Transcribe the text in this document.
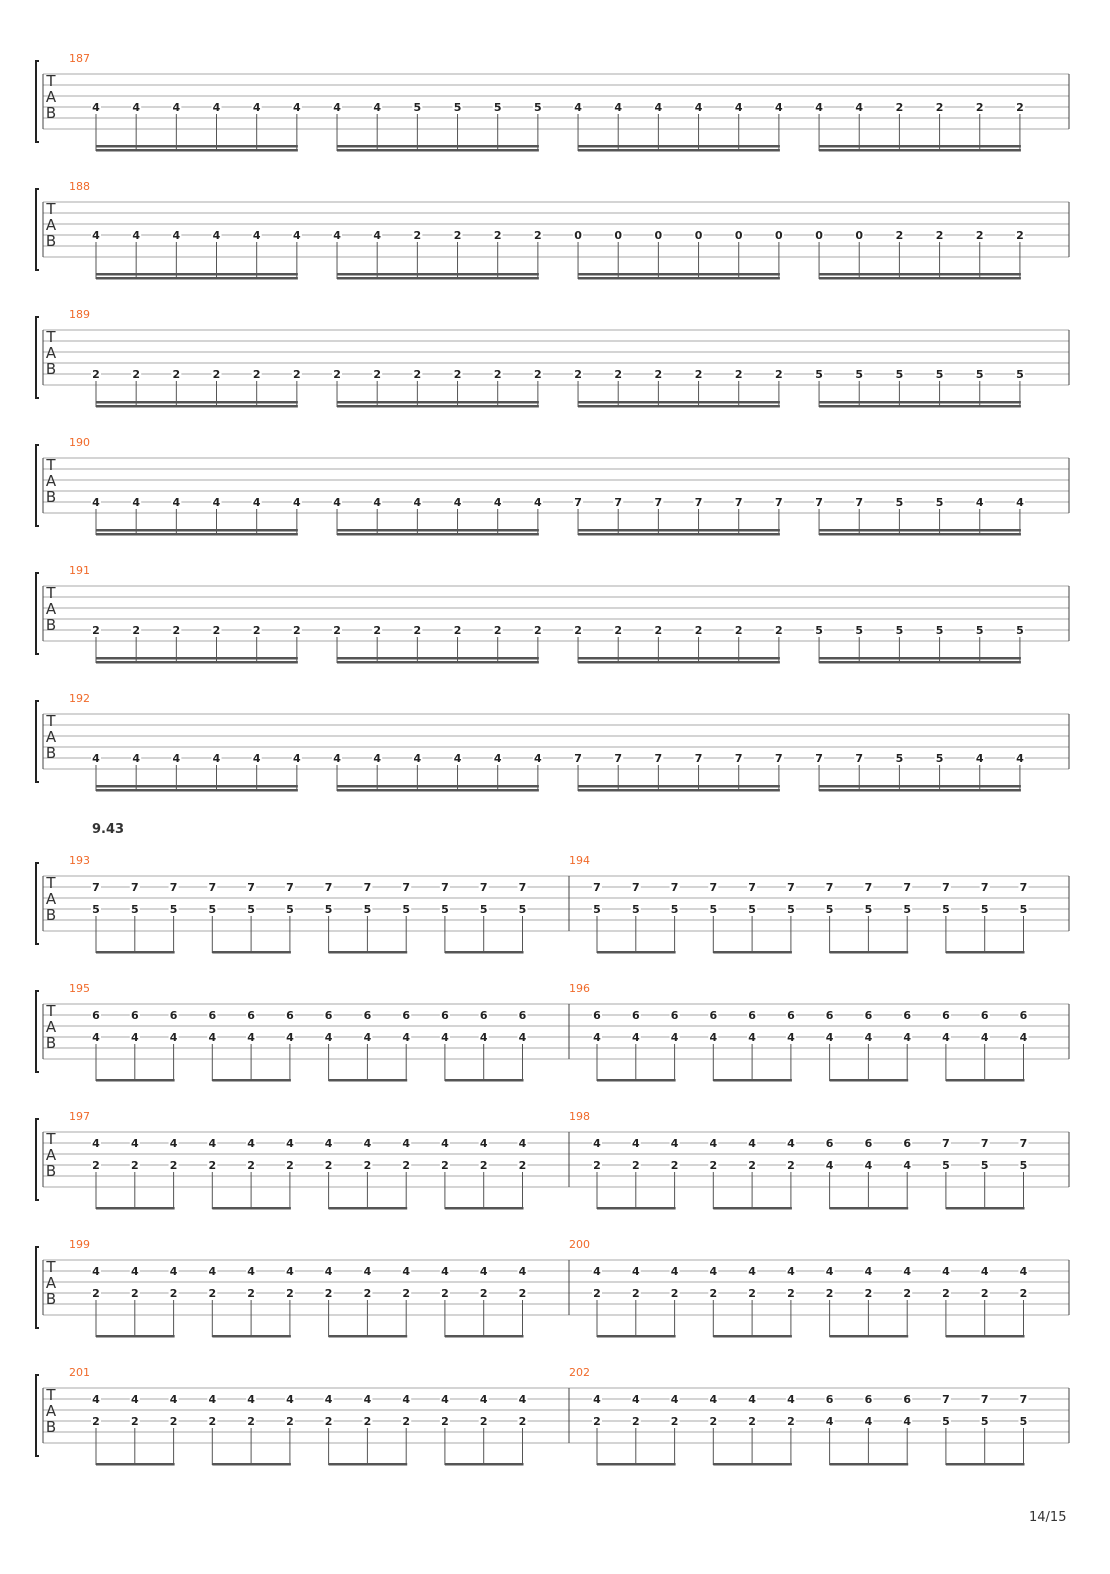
T
A
B
187
4	4	4	4	4	4	4	4	5	5	5	5	4	4	4	4	4	4	4	4	2	2	2	2
T
A
B
188
4	4	4	4	4	4	4	4	2	2	2	2	0	0	0	0	0	0	0	0	2	2	2	2
T
A
B
189
2	2	2	2	2	2	2	2	2	2	2	2	2	2	2	2	2	2	5	5	5	5	5	5
T
A
B
190
4	4	4	4	4	4	4	4	4	4	4	4	7	7	7	7	7	7	7	7	5	5	4	4
T
A
B
191
2	2	2	2	2	2	2	2	2	2	2	2	2	2	2	2	2	2	5	5	5	5	5	5
T
A
B
192
4	4	4	4	4	4	4	4	4	4	4	4	7	7	7	7	7	7	7	7	5	5	4	4
T
A
B
193
7
5
7
5
7
5
7
5
7
5
7
5
7
5
7
5
7
5
7
5
7
5
7
5
194
7
5
7
5
7
5
7
5
7
5
7
5
7
5
7
5
7
5
7
5
7
5
7
5
T
A
B
195
6
4
6
4
6
4
6
4
6
4
6
4
6
4
6
4
6
4
6
4
6
4
6
4
196
6
4
6
4
6
4
6
4
6
4
6
4
6
4
6
4
6
4
6
4
6
4
6
4
T
A
B
197
4
2
4
2
4
2
4
2
4
2
4
2
4
2
4
2
4
2
4
2
4
2
4
2
198
4
2
4
2
4
2
4
2
4
2
4
2
6
4
6
4
6
4
7
5
7
5
7
5
T
A
B
199
4
2
4
2
4
2
4
2
4
2
4
2
4
2
4
2
4
2
4
2
4
2
4
2
200
4
2
4
2
4
2
4
2
4
2
4
2
4
2
4
2
4
2
4
2
4
2
4
2
T
A
B
201
4
2
4
2
4
2
4
2
4
2
4
2
4
2
4
2
4
2
4
2
4
2
4
2
202
4
2
4
2
4
2
4
2
4
2
4
2
6
4
6
4
6
4
7
5
7
5
7
5
9.43
14/15
